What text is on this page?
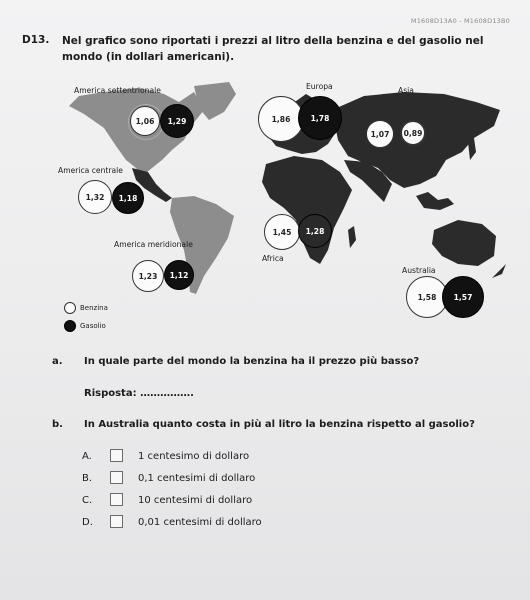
M1608D13A0 - M1608D13B0
D13. Nel grafico sono riportati i prezzi al litro della benzina e del gasolio nel mondo (in dollari americani).
America settentrionale	Europa	Asia
America centrale
Africa
America meridionale
Australia
1,06	1,29	1,86	1,78
1,07	0,89
1,32	1,18
1,45	1,28
1,23	1,12
1,58	1,57
Benzina
Gasolio
a. In quale parte del mondo la benzina ha il prezzo più basso?
Risposta: …………….
b. In Australia quanto costa in più al litro la benzina rispetto al gasolio?
A.	1 centesimo di dollaro
B.	0,1 centesimi di dollaro
C.	10 centesimi di dollaro
D.	0,01 centesimi di dollaro
